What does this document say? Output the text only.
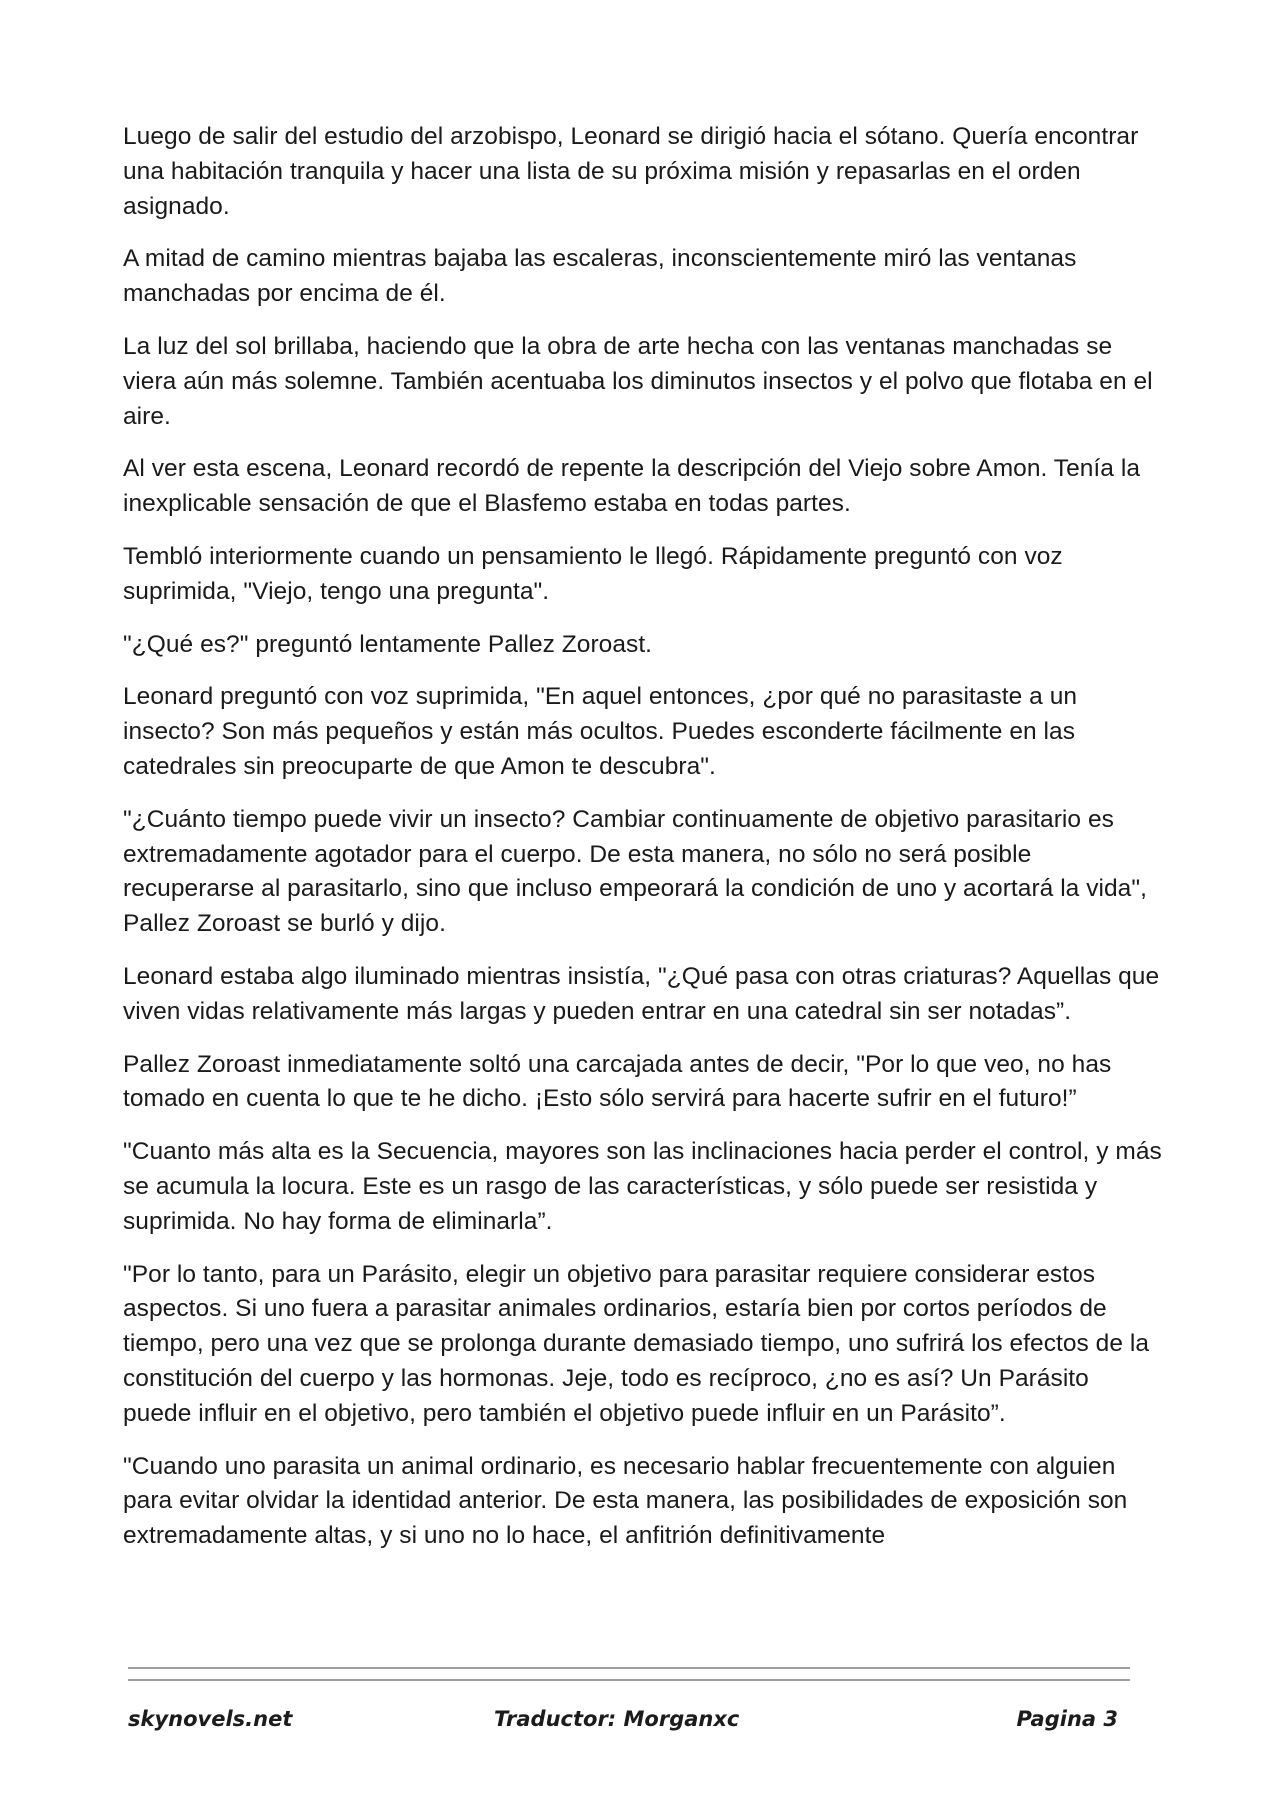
Luego de salir del estudio del arzobispo, Leonard se dirigió hacia el sótano. Quería encontrar una habitación tranquila y hacer una lista de su próxima misión y repasarlas en el orden asignado.

A mitad de camino mientras bajaba las escaleras, inconscientemente miró las ventanas manchadas por encima de él.

La luz del sol brillaba, haciendo que la obra de arte hecha con las ventanas manchadas se viera aún más solemne. También acentuaba los diminutos insectos y el polvo que flotaba en el aire.

Al ver esta escena, Leonard recordó de repente la descripción del Viejo sobre Amon. Tenía la inexplicable sensación de que el Blasfemo estaba en todas partes.

Tembló interiormente cuando un pensamiento le llegó. Rápidamente preguntó con voz suprimida, "Viejo, tengo una pregunta".

"¿Qué es?" preguntó lentamente Pallez Zoroast.

Leonard preguntó con voz suprimida, "En aquel entonces, ¿por qué no parasitaste a un insecto? Son más pequeños y están más ocultos. Puedes esconderte fácilmente en las catedrales sin preocuparte de que Amon te descubra".

"¿Cuánto tiempo puede vivir un insecto? Cambiar continuamente de objetivo parasitario es extremadamente agotador para el cuerpo. De esta manera, no sólo no será posible recuperarse al parasitarlo, sino que incluso empeorará la condición de uno y acortará la vida", Pallez Zoroast se burló y dijo.

Leonard estaba algo iluminado mientras insistía, "¿Qué pasa con otras criaturas? Aquellas que viven vidas relativamente más largas y pueden entrar en una catedral sin ser notadas”.

Pallez Zoroast inmediatamente soltó una carcajada antes de decir, "Por lo que veo, no has tomado en cuenta lo que te he dicho. ¡Esto sólo servirá para hacerte sufrir en el futuro!”

"Cuanto más alta es la Secuencia, mayores son las inclinaciones hacia perder el control, y más se acumula la locura. Este es un rasgo de las características, y sólo puede ser resistida y suprimida. No hay forma de eliminarla”.

"Por lo tanto, para un Parásito, elegir un objetivo para parasitar requiere considerar estos aspectos. Si uno fuera a parasitar animales ordinarios, estaría bien por cortos períodos de tiempo, pero una vez que se prolonga durante demasiado tiempo, uno sufrirá los efectos de la constitución del cuerpo y las hormonas. Jeje, todo es recíproco, ¿no es así? Un Parásito puede influir en el objetivo, pero también el objetivo puede influir en un Parásito”.

"Cuando uno parasita un animal ordinario, es necesario hablar frecuentemente con alguien para evitar olvidar la identidad anterior. De esta manera, las posibilidades de exposición son extremadamente altas, y si uno no lo hace, el anfitrión definitivamente

skynovels.net	Traductor: Morganxc	Pagina 3
